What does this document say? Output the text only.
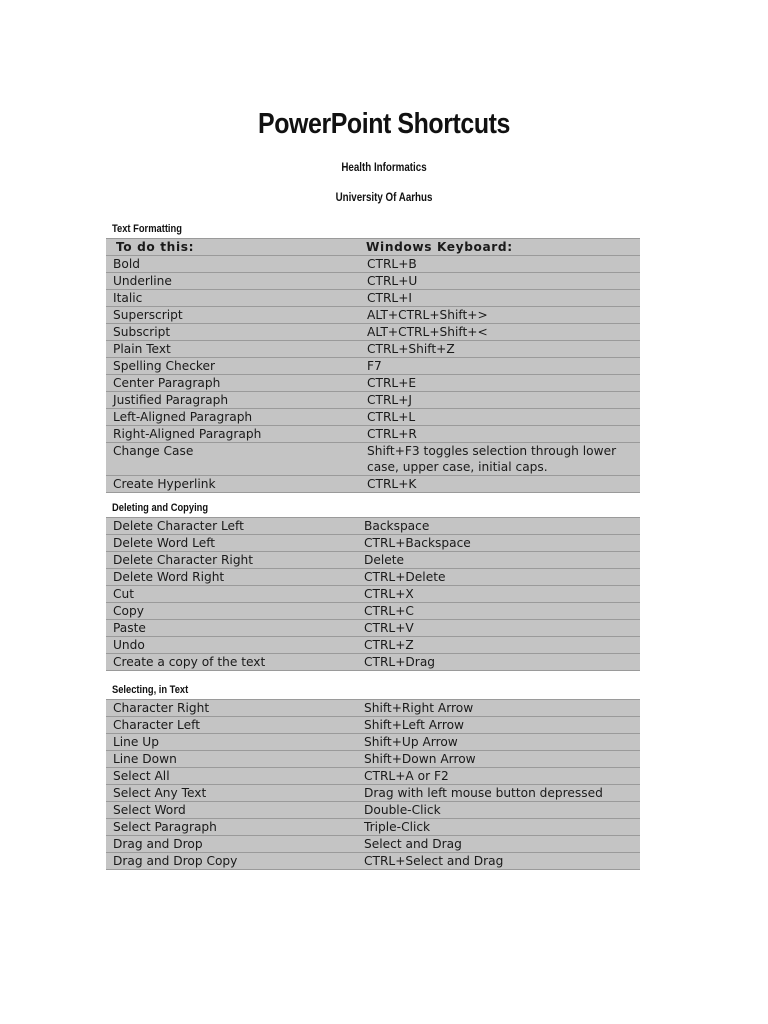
PowerPoint Shortcuts
Health Informatics
University Of Aarhus
Text Formatting
To do this:	Windows Keyboard:
Bold	CTRL+B
Underline	CTRL+U
Italic	CTRL+I
Superscript	ALT+CTRL+Shift+>
Subscript	ALT+CTRL+Shift+<
Plain Text	CTRL+Shift+Z
Spelling Checker	F7
Center Paragraph	CTRL+E
Justified Paragraph	CTRL+J
Left-Aligned Paragraph	CTRL+L
Right-Aligned Paragraph	CTRL+R
Change Case	Shift+F3 toggles selection through lower case, upper case, initial caps.
Create Hyperlink	CTRL+K
Deleting and Copying
Delete Character Left	Backspace
Delete Word Left	CTRL+Backspace
Delete Character Right	Delete
Delete Word Right	CTRL+Delete
Cut	CTRL+X
Copy	CTRL+C
Paste	CTRL+V
Undo	CTRL+Z
Create a copy of the text	CTRL+Drag
Selecting, in Text
Character Right	Shift+Right Arrow
Character Left	Shift+Left Arrow
Line Up	Shift+Up Arrow
Line Down	Shift+Down Arrow
Select All	CTRL+A or F2
Select Any Text	Drag with left mouse button depressed
Select Word	Double-Click
Select Paragraph	Triple-Click
Drag and Drop	Select and Drag
Drag and Drop Copy	CTRL+Select and Drag
